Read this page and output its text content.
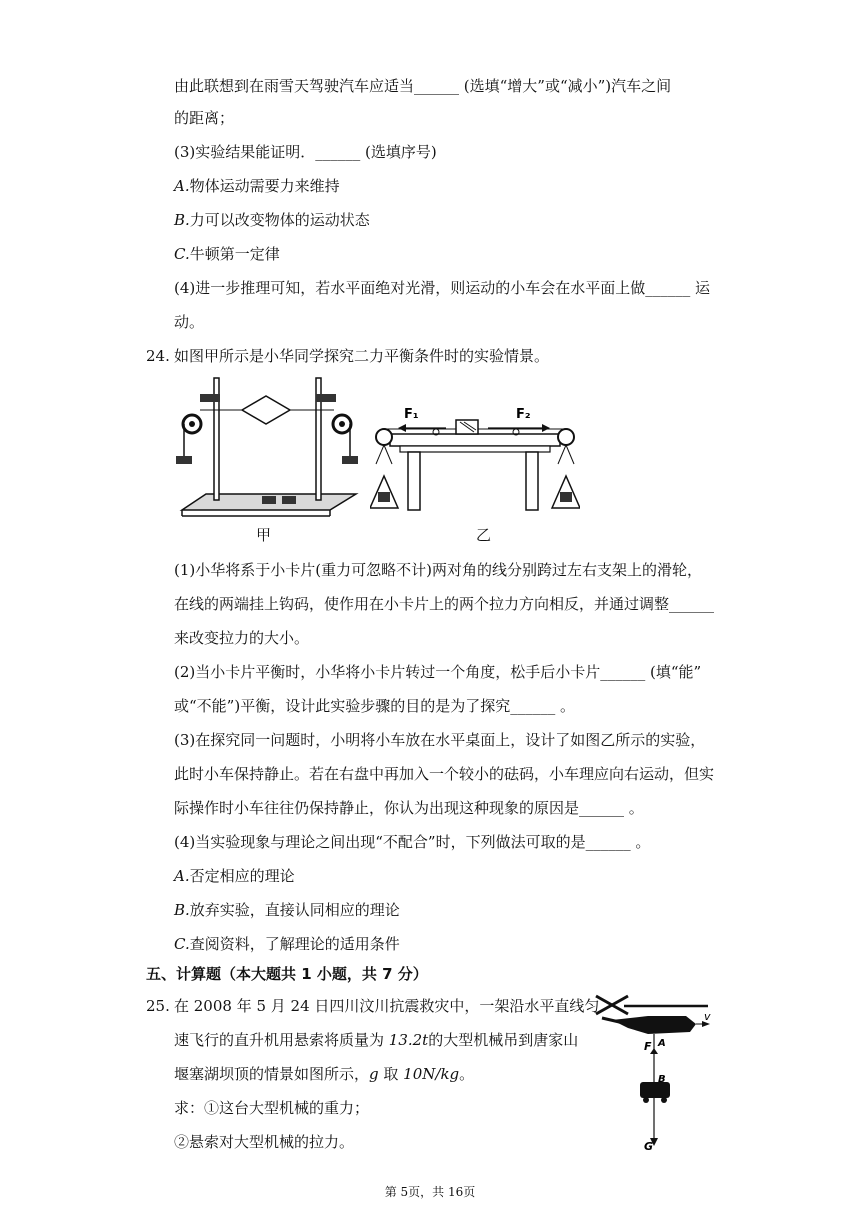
由此联想到在雨雪天驾驶汽车应适当______ (选填“增大”或“减小”)汽车之间
的距离；
(3)实验结果能证明．______ (选填序号)
A.物体运动需要力来维持
B.力可以改变物体的运动状态
C.牛顿第一定律
(4)进一步推理可知，若水平面绝对光滑，则运动的小车会在水平面上做______ 运
动。
24. 如图甲所示是小华同学探究二力平衡条件时的实验情景。
甲
F₁	F₂
乙
(1)小华将系于小卡片(重力可忽略不计)两对角的线分别跨过左右支架上的滑轮，
在线的两端挂上钩码，使作用在小卡片上的两个拉力方向相反，并通过调整______
来改变拉力的大小。
(2)当小卡片平衡时，小华将小卡片转过一个角度，松手后小卡片______ (填“能”
或“不能”)平衡，设计此实验步骤的目的是为了探究______ 。
(3)在探究同一问题时，小明将小车放在水平桌面上，设计了如图乙所示的实验，
此时小车保持静止。若在右盘中再加入一个较小的砝码，小车理应向右运动，但实
际操作时小车往往仍保持静止，你认为出现这种现象的原因是______ 。
(4)当实验现象与理论之间出现“不配合”时，下列做法可取的是______ 。
A.否定相应的理论
B.放弃实验，直接认同相应的理论
C.查阅资料，了解理论的适用条件
五、计算题（本大题共 1 小题，共 7 分）
25. 在 2008 年 5 月 24 日四川汶川抗震救灾中，一架沿水平直线匀
速飞行的直升机用悬索将质量为 13.2t的大型机械吊到唐家山
堰塞湖坝顶的情景如图所示，g 取 10N/kg。
求：①这台大型机械的重力；
②悬索对大型机械的拉力。
v
F A
B
G
第 5页，共 16页
